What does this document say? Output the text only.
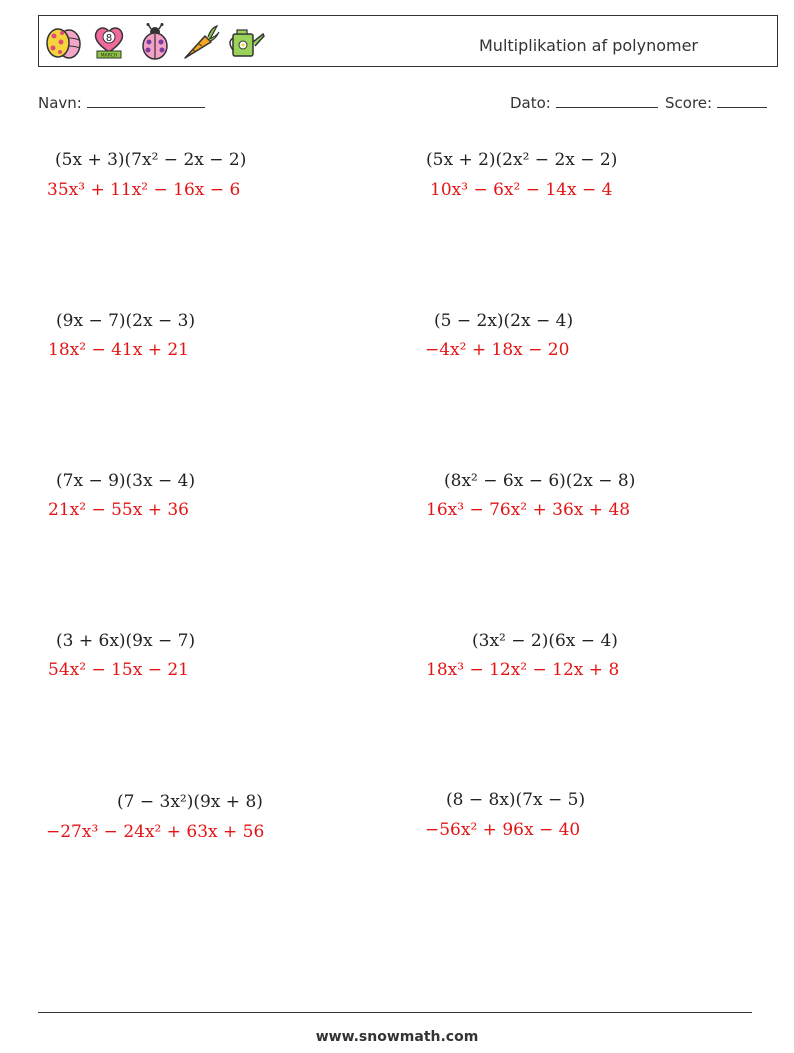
8
MARCH
Multiplikation af polynomer
Navn:	Dato:	Score:
(5x + 3)(7x² − 2x − 2)
35x³ + 11x² − 16x − 6
(5x + 2)(2x² − 2x − 2)
10x³ − 6x² − 14x − 4
(9x − 7)(2x − 3)
18x² − 41x + 21
(5 − 2x)(2x − 4)
−4x² + 18x − 20
(7x − 9)(3x − 4)
21x² − 55x + 36
(8x² − 6x − 6)(2x − 8)
16x³ − 76x² + 36x + 48
(3 + 6x)(9x − 7)
54x² − 15x − 21
(3x² − 2)(6x − 4)
18x³ − 12x² − 12x + 8
(7 − 3x²)(9x + 8)
−27x³ − 24x² + 63x + 56
(8 − 8x)(7x − 5)
−56x² + 96x − 40
www.snowmath.com
